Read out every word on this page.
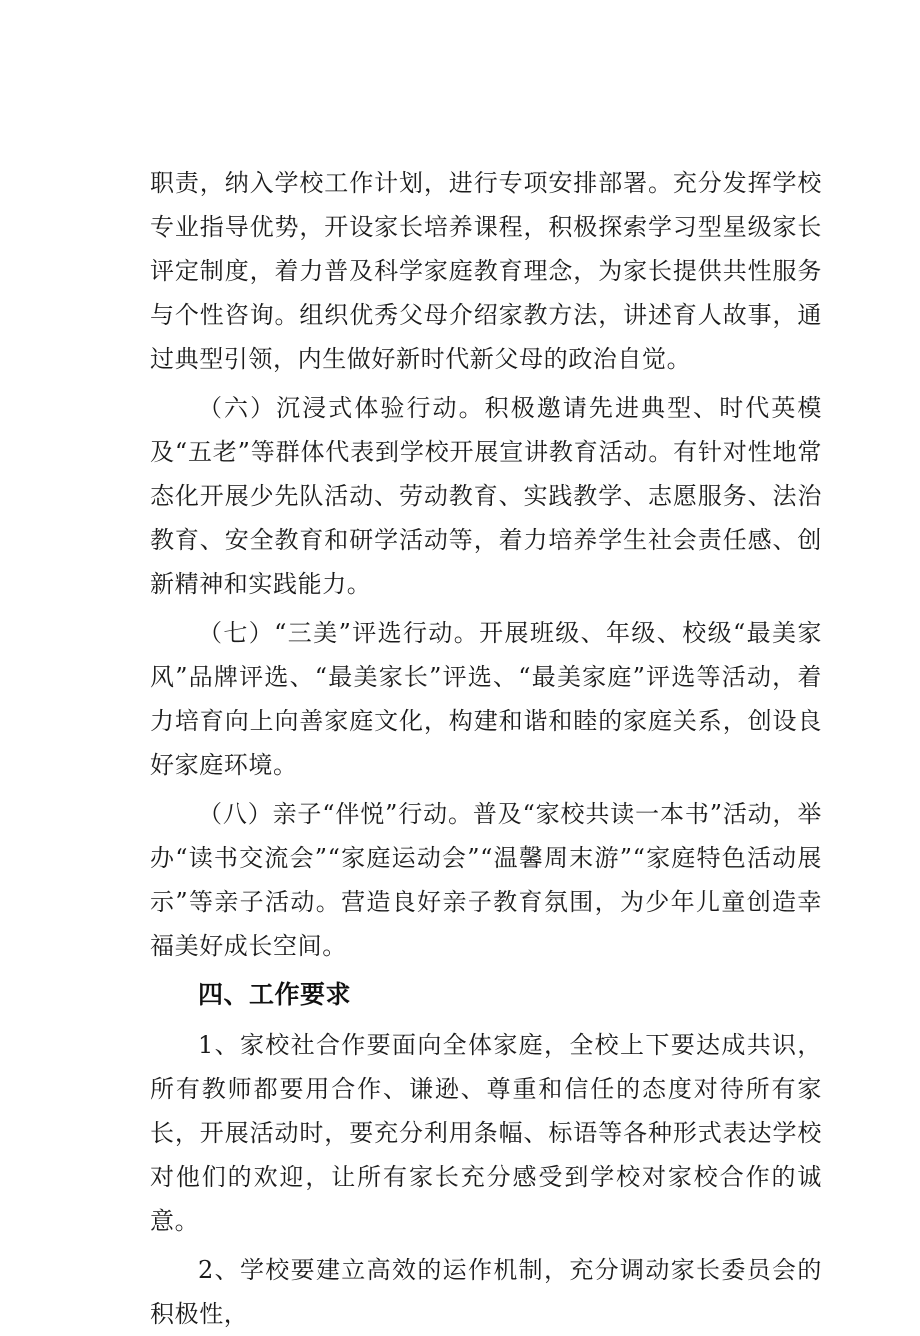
职责，纳入学校工作计划，进行专项安排部署。充分发挥学校专业指导优势，开设家长培养课程，积极探索学习型星级家长评定制度，着力普及科学家庭教育理念，为家长提供共性服务与个性咨询。组织优秀父母介绍家教方法，讲述育人故事，通过典型引领，内生做好新时代新父母的政治自觉。

（六）沉浸式体验行动。积极邀请先进典型、时代英模及“五老”等群体代表到学校开展宣讲教育活动。有针对性地常态化开展少先队活动、劳动教育、实践教学、志愿服务、法治教育、安全教育和研学活动等，着力培养学生社会责任感、创新精神和实践能力。

（七）“三美”评选行动。开展班级、年级、校级“最美家风”品牌评选、“最美家长”评选、“最美家庭”评选等活动，着力培育向上向善家庭文化，构建和谐和睦的家庭关系，创设良好家庭环境。

（八）亲子“伴悦”行动。普及“家校共读一本书”活动，举办“读书交流会”“家庭运动会”“温馨周末游”“家庭特色活动展示”等亲子活动。营造良好亲子教育氛围，为少年儿童创造幸福美好成长空间。

四、工作要求

1、家校社合作要面向全体家庭，全校上下要达成共识，所有教师都要用合作、谦逊、尊重和信任的态度对待所有家长，开展活动时，要充分利用条幅、标语等各种形式表达学校对他们的欢迎，让所有家长充分感受到学校对家校合作的诚意。

2、学校要建立高效的运作机制，充分调动家长委员会的积极性，
